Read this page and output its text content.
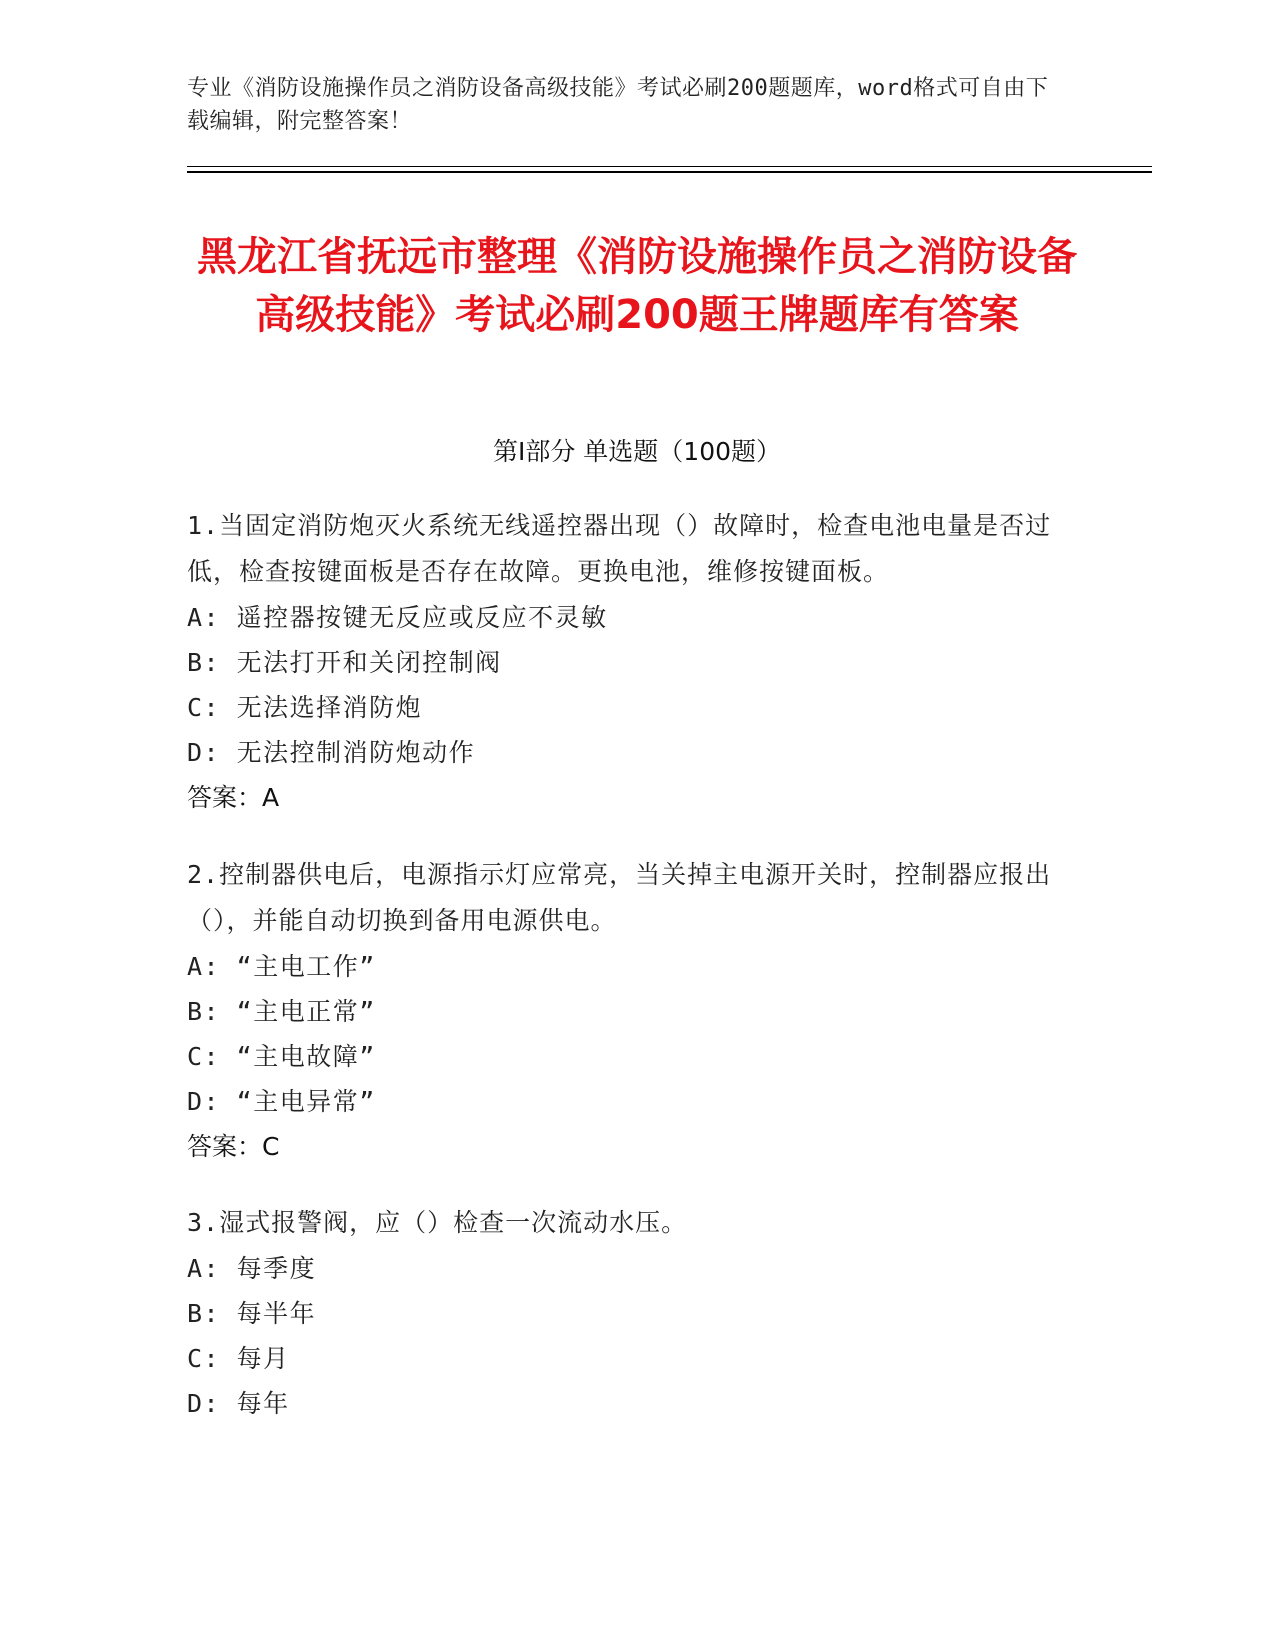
专业《消防设施操作员之消防设备高级技能》考试必刷200题题库，word格式可自由下载编辑，附完整答案！
黑龙江省抚远市整理《消防设施操作员之消防设备高级技能》考试必刷200题王牌题库有答案
第Ⅰ部分 单选题（100题）
1.当固定消防炮灭火系统无线遥控器出现（）故障时，检查电池电量是否过低，检查按键面板是否存在故障。更换电池，维修按键面板。
A: 遥控器按键无反应或反应不灵敏
B: 无法打开和关闭控制阀
C: 无法选择消防炮
D: 无法控制消防炮动作
答案：A
2.控制器供电后，电源指示灯应常亮，当关掉主电源开关时，控制器应报出（），并能自动切换到备用电源供电。
A: “主电工作”
B: “主电正常”
C: “主电故障”
D: “主电异常”
答案：C
3.湿式报警阀，应（）检查一次流动水压。
A: 每季度
B: 每半年
C: 每月
D: 每年
